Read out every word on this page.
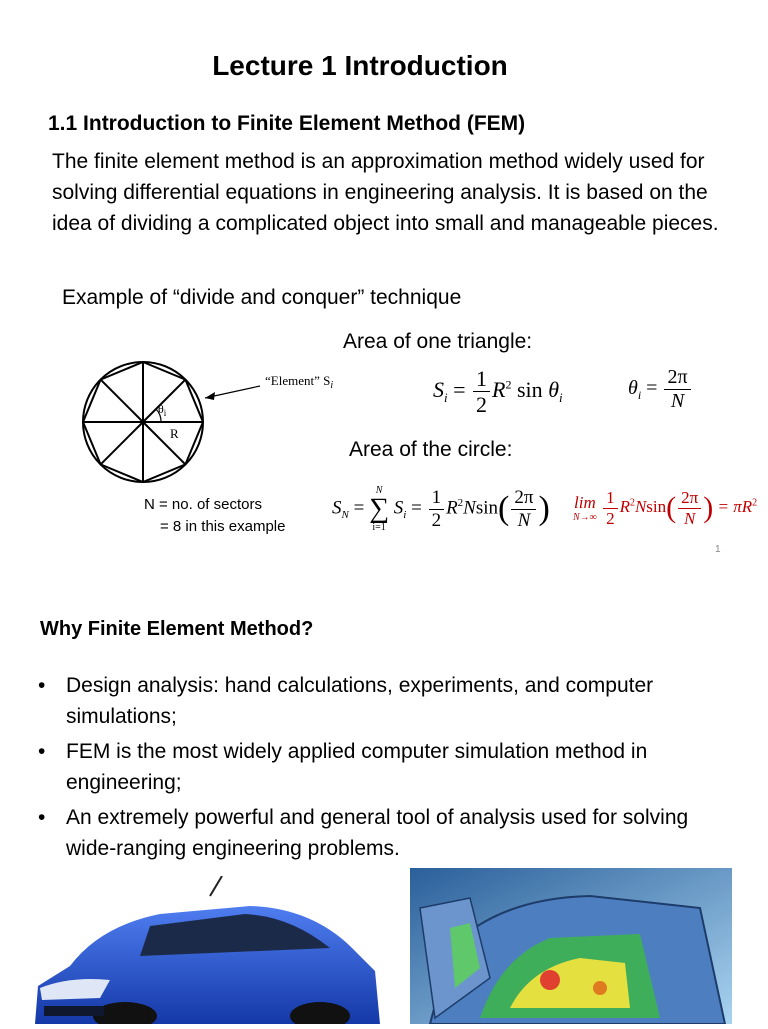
Lecture 1 Introduction
1.1 Introduction to Finite Element Method (FEM)
The finite element method is an approximation method widely used for solving differential equations in engineering analysis. It is based on the idea of dividing a complicated object into small and manageable pieces.
Example of “divide and conquer” technique
“Element” $S_i$
$\theta_i$
R
Area of one triangle:
$S_i = \frac{1}{2} R^2$ $\sin \theta_i$	$\theta_i = \frac{2\pi}{N}$
Area of the circle:
N = no. of sectors
= 8 in this example
$S_N$ =
N
∑
i=1
$S_i = \frac{1}{2} R^2Nsin( \frac{2\pi}{N}$ ) lim
N→∞
$\frac{1}{2} R^2Nsin( \frac{2\pi}{N}$ ) = $\pi R^2$
1
Why Finite Element Method?
• Design analysis: hand calculations, experiments, and computer simulations;
• FEM is the most widely applied computer simulation method in engineering;
• An extremely powerful and general tool of analysis used for solving wide-ranging engineering problems.
